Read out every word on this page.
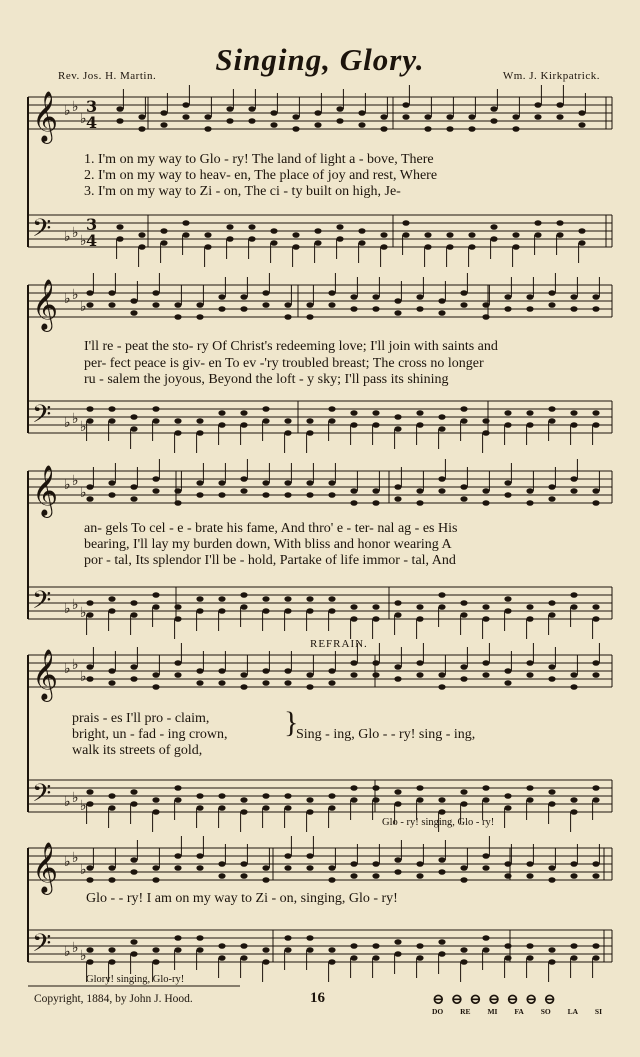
Singing, Glory.
Rev. Jos. H. Martin.	Wm. J. Kirkpatrick.
𝄞 ♭ ♭
♭
𝄢 ♭ ♭ ♭
𝄞 ♭ ♭
♭
𝄢 ♭ ♭ ♭
𝄞 ♭ ♭
♭
𝄢 ♭ ♭ ♭
𝄞 ♭ ♭
♭
𝄢 ♭ ♭ ♭
𝄞 ♭ ♭
♭
𝄢 ♭ ♭ ♭
3
4
3
4
1. I'm on my way to Glo - ry! The land of light a - bove, There
2. I'm on my way to heav- en, The place of joy and rest, Where
3. I'm on my way to Zi - on, The ci - ty built on high, Je-
I'll re - peat the sto- ry Of Christ's redeeming love; I'll join with saints and
per- fect peace is giv- en To ev -'ry troubled breast; The cross no longer
ru - salem the joyous, Beyond the loft - y sky; I'll pass its shining
an- gels To cel - e - brate his fame, And thro' e - ter- nal ag - es His
bearing, I'll lay my burden down, With bliss and honor wearing A
por - tal, Its splendor I'll be - hold, Partake of life immor - tal, And
REFRAIN.
prais - es I'll pro - claim,
bright, un - fad - ing crown,
walk its streets of gold,
}
Sing - ing, Glo - - ry! sing - ing,
Glo - ry! singing, Glo - ry!
Glo - - ry! I am on my way to Zi - on, singing, Glo - ry!
Glory! singing, Glo-ry!
Copyright, 1884, by John J. Hood.	16	⊖⊖⊖⊖⊖⊖⊖
DO RE MI FA SO LA SI
